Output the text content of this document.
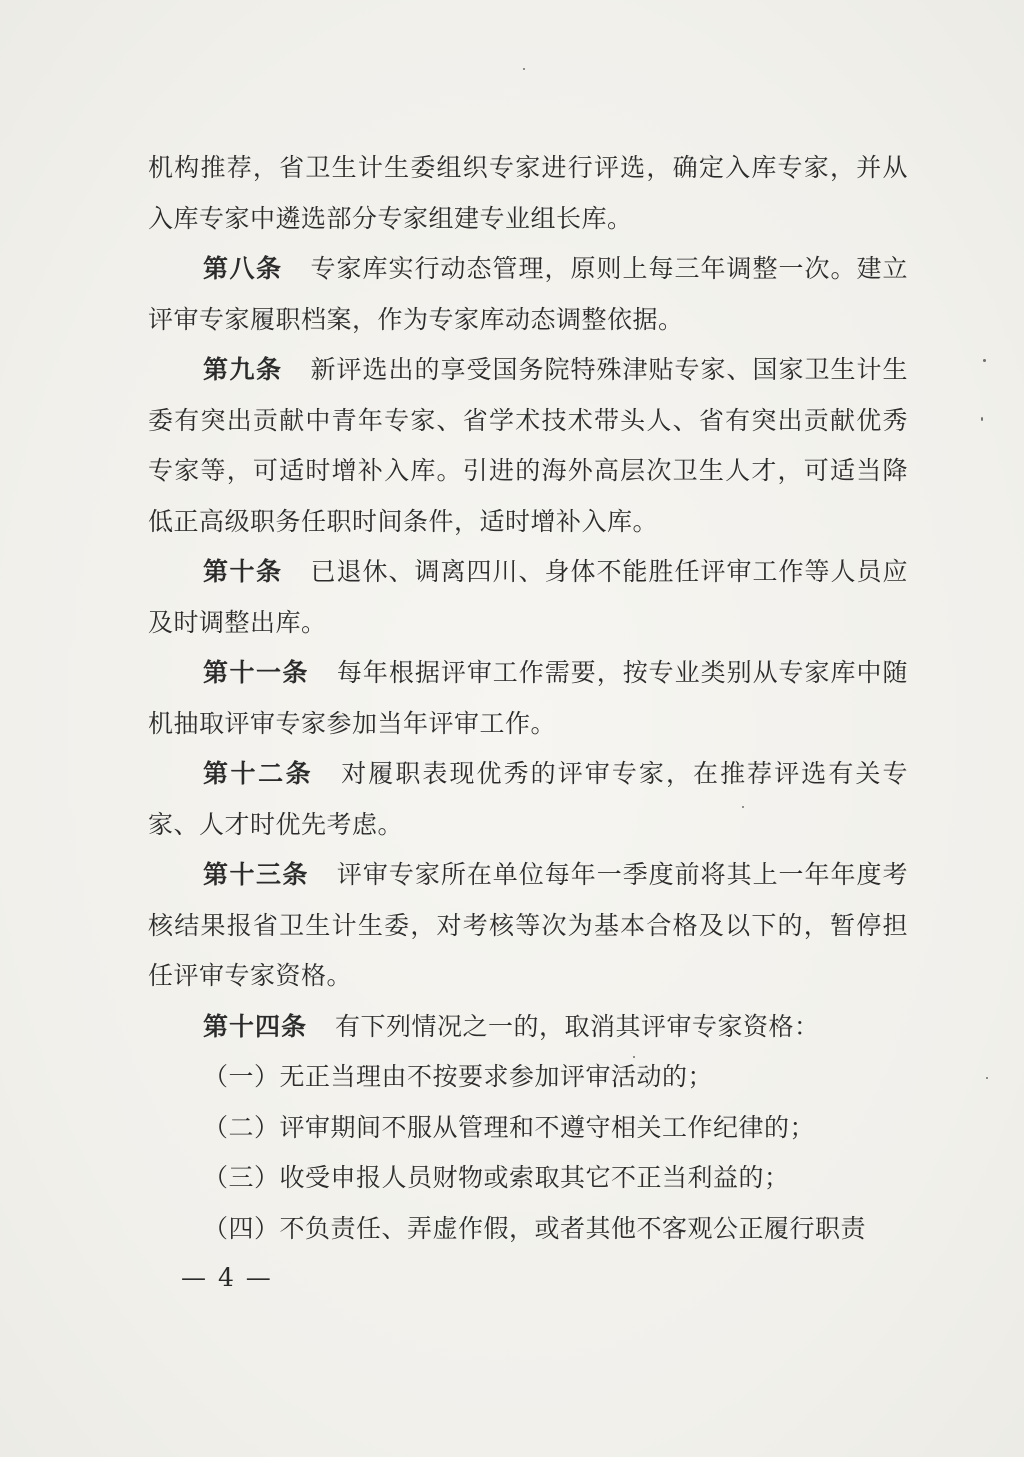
机构推荐，省卫生计生委组织专家进行评选，确定入库专家，并从入库专家中遴选部分专家组建专业组长库。

第八条 专家库实行动态管理，原则上每三年调整一次。建立评审专家履职档案，作为专家库动态调整依据。

第九条 新评选出的享受国务院特殊津贴专家、国家卫生计生委有突出贡献中青年专家、省学术技术带头人、省有突出贡献优秀专家等，可适时增补入库。引进的海外高层次卫生人才，可适当降低正高级职务任职时间条件，适时增补入库。

第十条 已退休、调离四川、身体不能胜任评审工作等人员应及时调整出库。

第十一条 每年根据评审工作需要，按专业类别从专家库中随机抽取评审专家参加当年评审工作。

第十二条 对履职表现优秀的评审专家，在推荐评选有关专家、人才时优先考虑。

第十三条 评审专家所在单位每年一季度前将其上一年年度考核结果报省卫生计生委，对考核等次为基本合格及以下的，暂停担任评审专家资格。

第十四条 有下列情况之一的，取消其评审专家资格：

（一）无正当理由不按要求参加评审活动的；

（二）评审期间不服从管理和不遵守相关工作纪律的；

（三）收受申报人员财物或索取其它不正当利益的；

（四）不负责任、弄虚作假，或者其他不客观公正履行职责

— 4 —
